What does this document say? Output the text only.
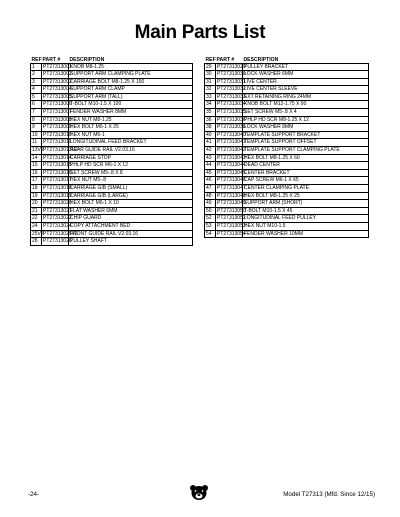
Main Parts List
REF	PART #	DESCRIPTION
1	PT27313001	KNOB M8-1.25
2	PT27313002	SUPPORT ARM CLAMPING PLATE
3	PT27313003	CARRIAGE BOLT M8-1.25 X 150
4	PT27313004	SUPPORT ARM CLAMP
5	PT27313005	SUPPORT ARM (TALL)
6	PT27313006	T-BOLT M10-1.5 X 100
7	PT27313007	FENDER WASHER 8MM
8	PT27313008	HEX NUT M8-1.25
9	PT27313009	HEX BOLT M6-1 X 25
10	PT27313010	HEX NUT M6-1
11	PT27313011	LONGITUDINAL FEED BRACKET
13V2	PT27313013V2	REAR GUIDE RAIL V2.03.16
14	PT27313014	CARRIAGE STOP
15	PT27313015	PHLP HD SCR M6-1 X 12
16	PT27313016	SET SCREW M5-.8 X 8
17	PT27313017	HEX NUT M5-.8
18	PT27313018	CARRIAGE GIB (SMALL)
19	PT27313019	CARRIAGE GIB (LARGE)
20	PT27313020	HEX BOLT M6-1 X 10
21	PT27313021	FLAT WASHER 6MM
22	PT27313022	CHIP GUARD
24	PT27313024	COPY ATTACHMENT BED
25V2	PT27313025V2	FRONT GUIDE RAIL V2.03.16
28	PT27313028	PULLEY SHAFT
REF	PART #	DESCRIPTION
29	PT27313029	PULLEY BRACKET
30	PT27313030	LOCK WASHER 6MM
31	PT27313031	LIVE CENTER
32	PT27313032	LIVE CENTER SLEEVE
33	PT27313033	EXT RETAINING RING 24MM
34	PT27313034	KNOB BOLT M12-1.75 X 90
35	PT27313035	SET SCREW M5-.8 X 4
36	PT27313036	PHLP HD SCR M8-1.25 X 12
38	PT27313038	LOCK WASHER 8MM
40	PT27313040	TEMPLATE SUPPORT BRACKET
41	PT27313041	TEMPLATE SUPPORT OFFSET
42	PT27313042	TEMPLATE SUPPORT CLAMPING PLATE
43	PT27313043	HEX BOLT M8-1.25 X 60
44	PT27313044	DEAD CENTER
45	PT27313045	CENTER BRACKET
46	PT27313046	CAP SCREW M6-1 X 65
47	PT27313047	CENTER CLAMPING PLATE
48	PT27313048	HEX BOLT M8-1.25 X 25
49	PT27313049	SUPPORT ARM (SHORT)
50	PT27313050	T-BOLT M10-1.5 X 45
52	PT27313052	LONGITUDINAL FEED PULLEY
53	PT27313053	HEX NUT M10-1.5
54	PT27313054	FENDER WASHER 10MM
-24-	Model T27313 (Mfd. Since 12/15)
